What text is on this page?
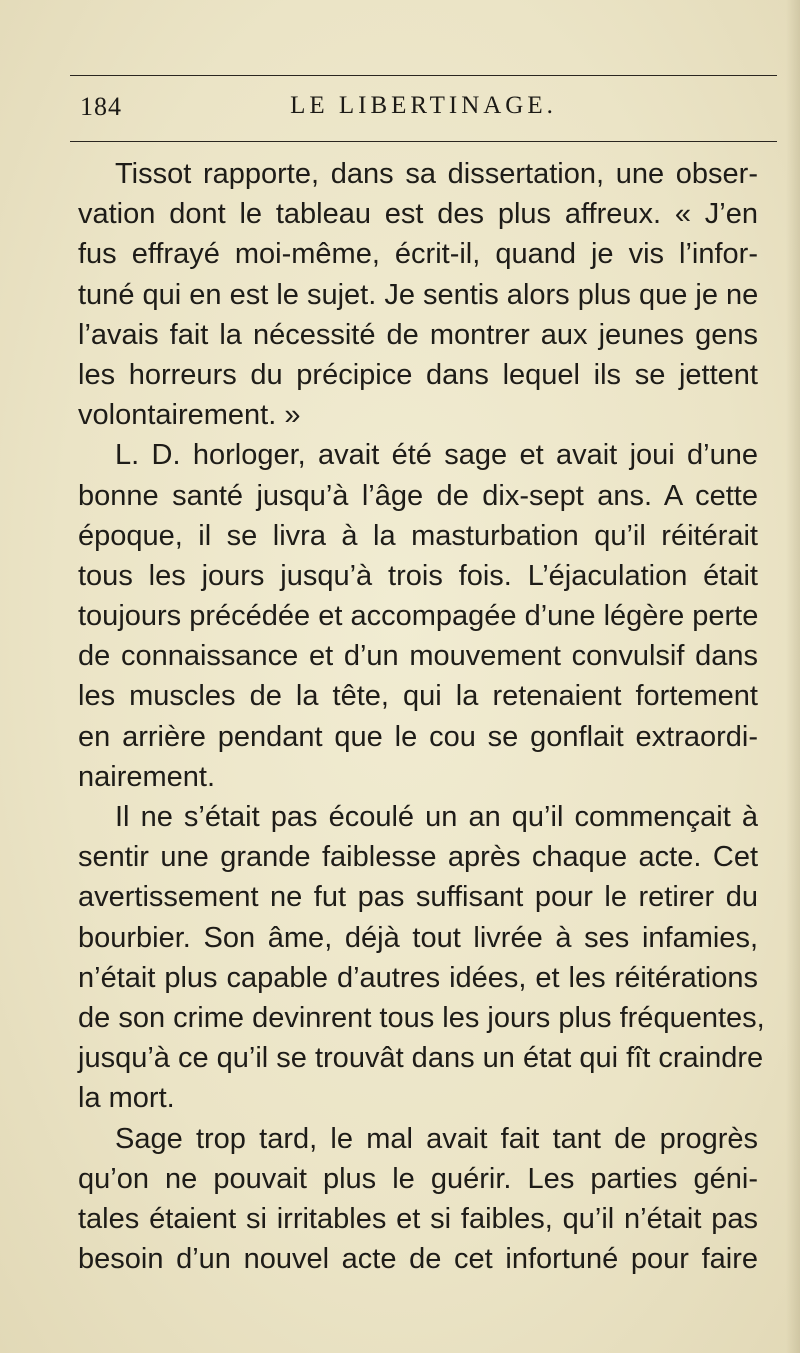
184	LE LIBERTINAGE.
Tissot rapporte, dans sa dissertation, une obser-
vation dont le tableau est des plus affreux. « J’en
fus effrayé moi-même, écrit-il, quand je vis l’infor-
tuné qui en est le sujet. Je sentis alors plus que je ne
l’avais fait la nécessité de montrer aux jeunes gens
les horreurs du précipice dans lequel ils se jettent
volontairement. »
L. D. horloger, avait été sage et avait joui d’une
bonne santé jusqu’à l’âge de dix-sept ans. A cette
époque, il se livra à la masturbation qu’il réitérait
tous les jours jusqu’à trois fois. L’éjaculation était
toujours précédée et accompagée d’une légère perte
de connaissance et d’un mouvement convulsif dans
les muscles de la tête, qui la retenaient fortement
en arrière pendant que le cou se gonflait extraordi-
nairement.
Il ne s’était pas écoulé un an qu’il commençait à
sentir une grande faiblesse après chaque acte. Cet
avertissement ne fut pas suffisant pour le retirer du
bourbier. Son âme, déjà tout livrée à ses infamies,
n’était plus capable d’autres idées, et les réitérations
de son crime devinrent tous les jours plus fréquentes,
jusqu’à ce qu’il se trouvât dans un état qui fît craindre
la mort.
Sage trop tard, le mal avait fait tant de progrès
qu’on ne pouvait plus le guérir. Les parties géni-
tales étaient si irritables et si faibles, qu’il n’était pas
besoin d’un nouvel acte de cet infortuné pour faire
